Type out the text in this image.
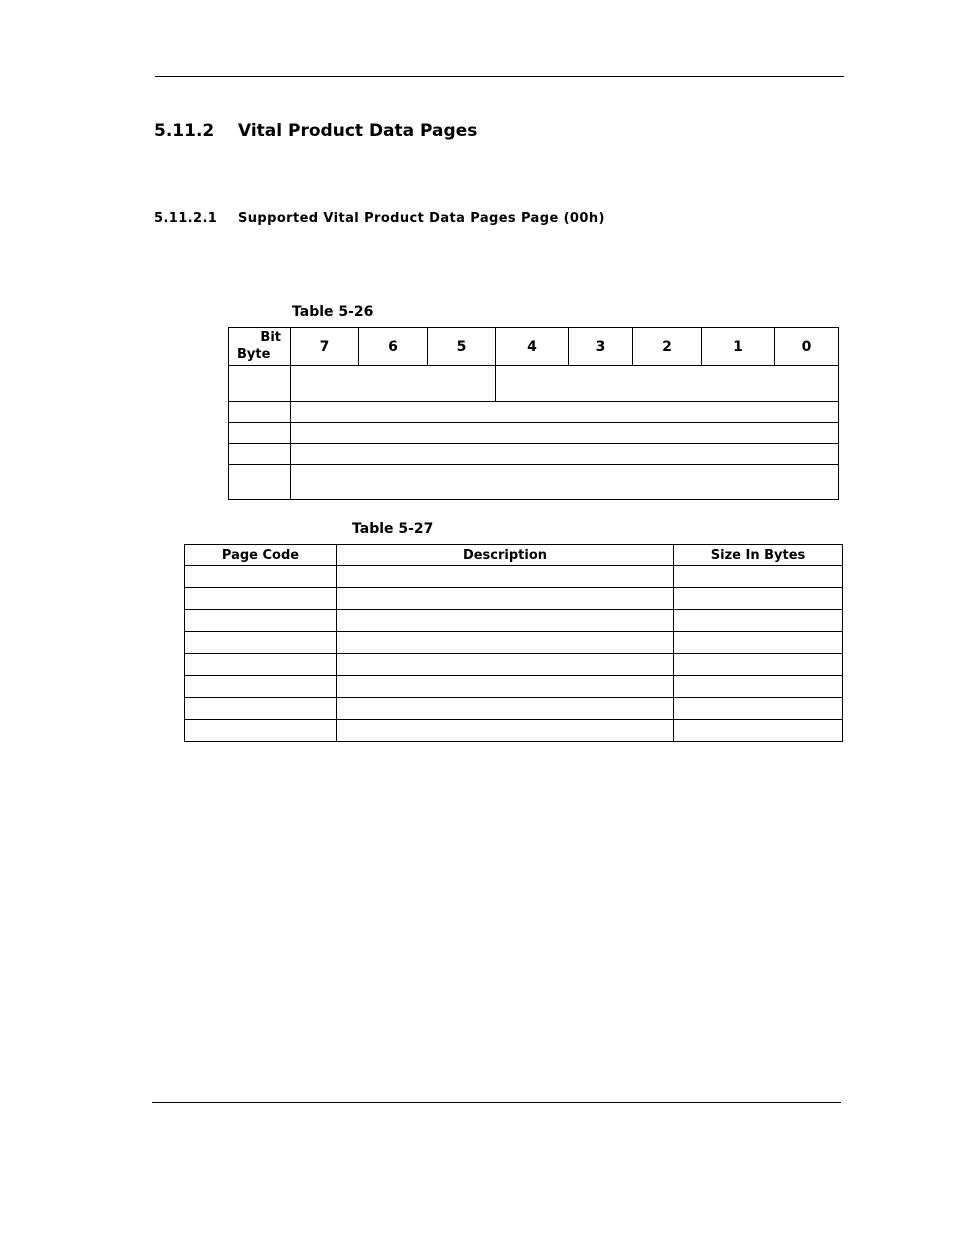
5.11.2 Vital Product Data Pages
5.11.2.1 Supported Vital Product Data Pages Page (00h)
Table 5-26
Bit
Byte	7	6	5	4	3	2	1	0

Table 5-27
Page Code	Description	Size In Bytes
